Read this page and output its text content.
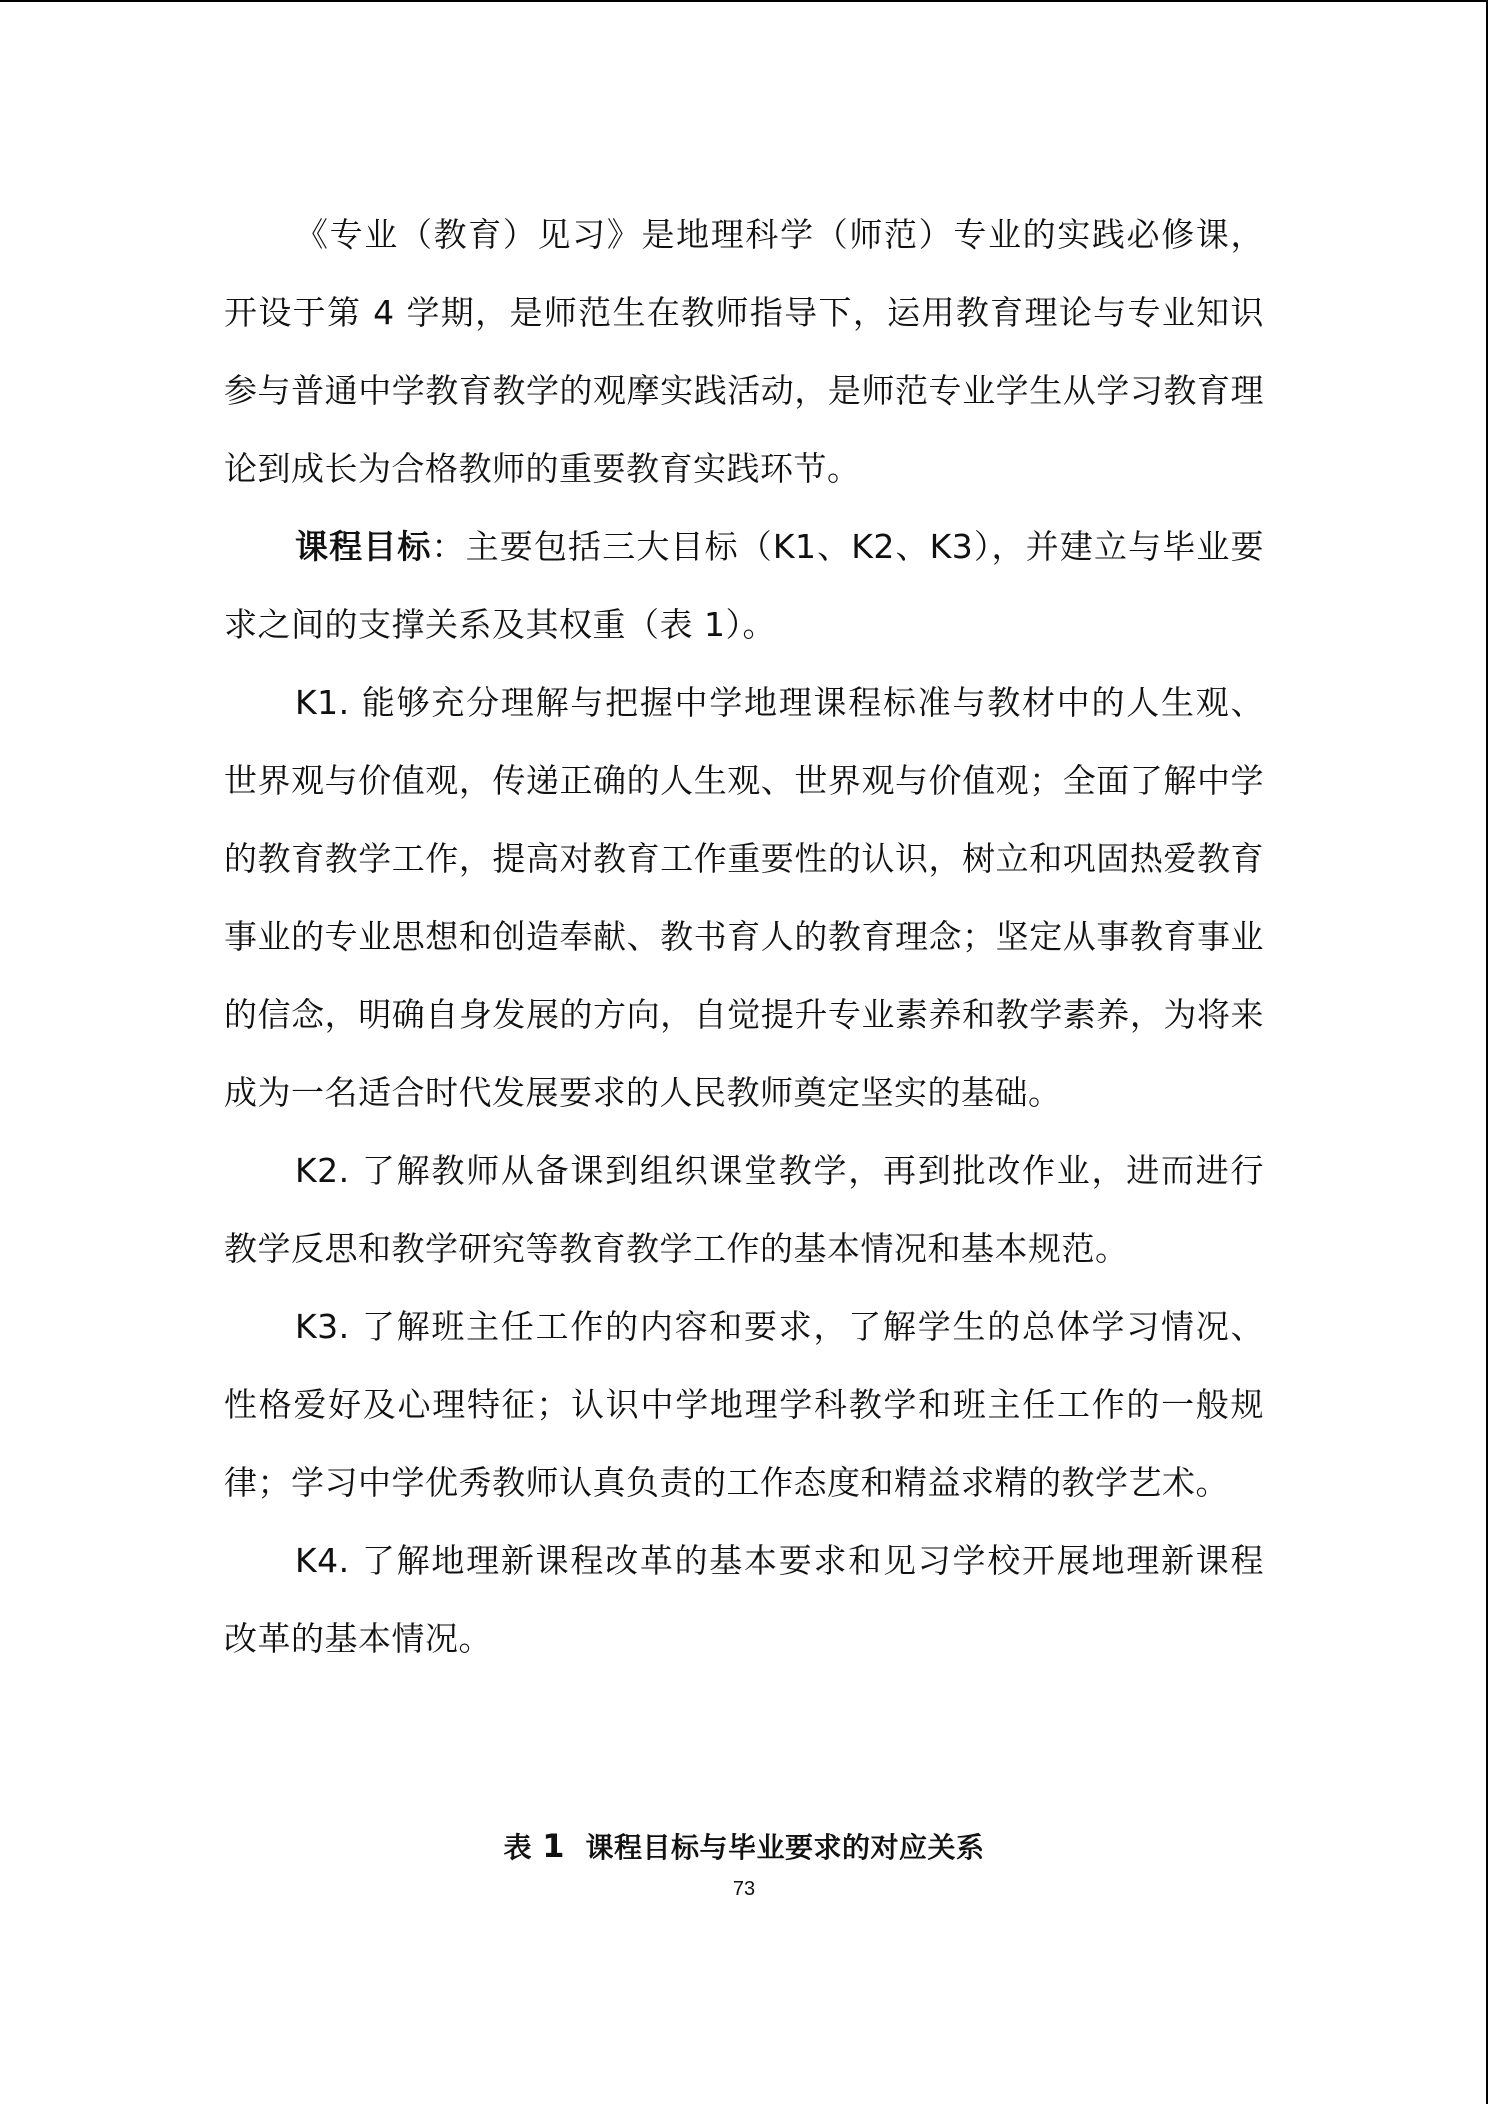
《专业（教育）见习》是地理科学（师范）专业的实践必修课，开设于第 4 学期，是师范生在教师指导下，运用教育理论与专业知识参与普通中学教育教学的观摩实践活动，是师范专业学生从学习教育理论到成长为合格教师的重要教育实践环节。

课程目标：主要包括三大目标（K1、K2、K3），并建立与毕业要求之间的支撑关系及其权重（表 1）。

K1. 能够充分理解与把握中学地理课程标准与教材中的人生观、世界观与价值观，传递正确的人生观、世界观与价值观；全面了解中学的教育教学工作，提高对教育工作重要性的认识，树立和巩固热爱教育事业的专业思想和创造奉献、教书育人的教育理念；坚定从事教育事业的信念，明确自身发展的方向，自觉提升专业素养和教学素养，为将来成为一名适合时代发展要求的人民教师奠定坚实的基础。

K2. 了解教师从备课到组织课堂教学，再到批改作业，进而进行教学反思和教学研究等教育教学工作的基本情况和基本规范。

K3. 了解班主任工作的内容和要求，了解学生的总体学习情况、性格爱好及心理特征；认识中学地理学科教学和班主任工作的一般规律；学习中学优秀教师认真负责的工作态度和精益求精的教学艺术。

K4. 了解地理新课程改革的基本要求和见习学校开展地理新课程改革的基本情况。

表 1 课程目标与毕业要求的对应关系
73
